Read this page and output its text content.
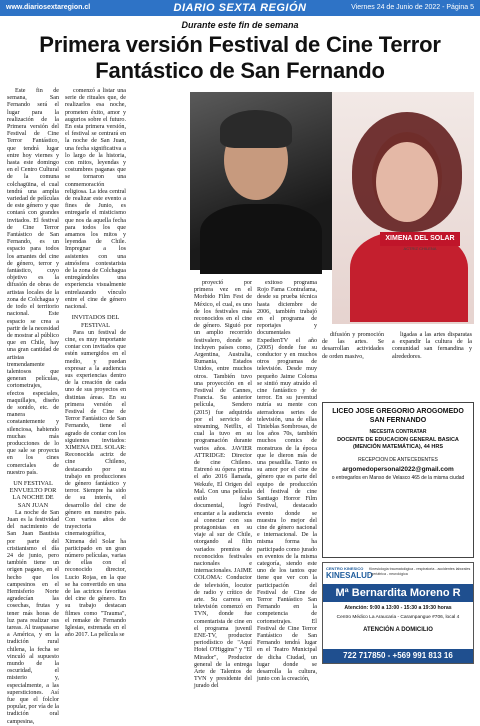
www.diariosextaregion.cl	DIARIO SEXTA REGIÓN	Viernes 24 de Junio de 2022 - Página 5
Durante este fin de semana
Primera versión Festival de Cine Terror Fantástico de San Fernando

Este fin de semana, San Fernando será el lugar para la realización de la Primera versión del Festival de Cine Terror Fantástico, que tendrá lugar entre hoy viernes y hasta este domingo en el Centro Cultural de la comuna colchagüina, el cual tendrá una amplia variedad de películas de este género y que contará con grandes invitados. El festival de Cine Terror Fantástico de San Fernando, es un espacio para todos los amantes del cine de género, terror y fantástico, cuyo objetivo es la difusión de obras de artistas locales de la zona de Colchagua y de todo el territorio nacional. Este espacio se crea a partir de la necesidad de mostrar al público que en Chile, hay una gran cantidad de artistas tremendamente talentosos que generan películas, cortometrajes, efectos especiales, maquillajes, diseño de sonido, etc. de manera constantemente y silenciosa, habiendo muchas más producciones de lo que sale se proyecta en los cines comerciales de nuestro país.

UN FESTIVAL ENVUELTO POR LA NOCHE DE SAN JUAN

La noche de San Juan es la festividad del nacimiento de San Juan Bautista por parte del cristianismo el día 24 de junio, pero también tiene un origen pagano, en el hecho que los campesinos en el Hemisferio Norte agradecían las cosechas, frutas y tener más horas de luz para realizar sus tareas. Al traspasarse a América, y en la tradición rural chilena, la fecha se vinculó al supuesto mundo de la oscuridad, el misterio y, especialmente, a las supersticiones. Así fue que el folclor popular, por vía de la tradición oral campesina,

comenzó a listar una serie de rituales que, de realizarlos esa noche, prometen éxito, amor y augurios sobre el futuro. En esta primera versión, el festival se centrará en la noche de San Juan, una fecha significativa a lo largo de la historia, con mitos, leyendas y costumbres paganas que se tornaron una conmemoración religiosa. La idea central de realizar este evento a fines de Junio, es entregarle el misticismo que nos da aquella fecha para todos los que amamos los mitos y leyendas de Chile. Impregnar a los asistentes con una atmósfera contestarista de la zona de Colchagua entregándoles una experiencia visualmente entrelazando vínculo entre el cine de género nacional.

INVITADOS DEL FESTIVAL

Para un festival de cine, es muy importante contar con invitados que estén sumergidos en el medio, y puedan expresar a la audiencia sus experiencias dentro de la creación de cada uno de sus proyectos en distintas áreas. En su primera versión el Festival de Cine de Terror Fantástico de San Fernando, tiene el agrado de contar con los siguientes invitados: XIMENA DEL SOLAR: Reconocida actriz de cine Chileno, destacando por su trabajo en producciones de género fantástico y terror. Siempre ha sido de su interés, el desarrollo del cine de género en nuestro país. Con varios años de trayectoria cinematográfica, Ximena del Solar ha participado en un gran número películas, varias de ellas con el reconocido director, Lucio Rojas, en la que se ha convertido en una de las actrices favoritas del cine de género. En su trabajo destacan filmes como "Trauma", el remake de Fernando Iglesias, estrenada en el año 2017. La película se

XIMENA DEL SOLAR
ACTRIZ CHILENA

proyectó por primera vez en el Morbido Film Fest de México, el cual, es uno de los festivales más reconocidos en el cine de género. Siguió por un amplio recorrido festivalero, donde se incluyen países como, Argentina, Australia, Rumania, Estados Unidos, entre muchos otros. También tuvo una proyección en el Festival de Cannes, Francia. Su anterior película, Sendero (2015) fue adquirida por el servicio de streaming, Netflix, el cual la tuvo en su programación durante varios años. JAVIER ATTRIDGE: Director de cine Chileno. Estrenó su ópera prima el año 2016 llamada, Wekufe, El Origen del Mal. Con una película estilo falso documental, logró encantar a la audiencia al conectar con sus protagonistas en su viaje al sur de Chile, otorgando al film variados premios de reconocidos festivales nacionales e internacionales. JAIME COLOMA: Conductor de televisión, locutor de radio y crítico de arte. Su carrera en televisión comenzó en TVN, donde fue comentarista de cine en el programa juvenil ENE-TV, productor periodístico de "Aquí Hotel O'Higgins" y "El Mirador", Productor general de la entrega Arte de Talentos de TVN y presidente del jurado del

exitoso programa Rojo Fama Contrafama, desde su prueba técnica hasta diciembre de 2006, también trabajó en el programa de reportajes y documentales ExpedienTV el año (2005) donde fue su conductor y en muchos otros programas de televisión. Desde muy pequeño Jaime Coloma se sintió muy atraído el cine fantástico y de terror. En su juventud nutría su mente con aterradoras series de televisión, una de ellas Tinieblas Sombrosas, de los años 70s, también muchos comics de monstruos de la época que le dieron más de una pesadilla. Tanto es su amor por el cine de género que es parte del equipo de producción del festival de cine Santiago Horror Film Festival, destacado evento donde se muestra lo mejor del cine de género nacional e internacional. De la misma forma ha participado como jurado en eventos de la misma categoría, siendo este uno de los tantos que tiene que ver con la participación del Festival de Cine de Terror Fantástico San Fernando en la competencia de cortometrajes. El Festival de Cine Terror Fantástico de San Fernando tendrá lugar en el Teatro Municipal de dicha Ciudad, un lugar donde se desarrolla la cultura, junto con la creación,

difusión y promoción de las artes. Se desarrollan actividades de orden masivo,

ligadas a las artes disparatas a expandir la cultura de la comunidad san fernandina y alrededores.

LICEO JOSE GREGORIO AROGOMEDO SAN FERNANDO
NECESITA CONTRATAR
DOCENTE DE EDUCACION GENERAL BASICA (MENCIÓN MATEMÁTICA), 44 HRS
RECEPCION DE ANTECEDENTES
argomedopersonal2022@gmail.com
o entregarlos en Manso de Velasco 465 de la misma ciudad
CENTRO KINESICO
KINESALUD
Kinesiología traumatológica - respiratoria - accidentes laborales - geriátrica - neurológica
Mª Bernardita Moreno R
Atención: 9:00 a 13:00 - 15:30 a 19:30 horas
Centro Médico La Araucaria - Carampangue #706, local 4
ATENCIÓN A DOMICILIO
722 717850 - +569 991 813 16
